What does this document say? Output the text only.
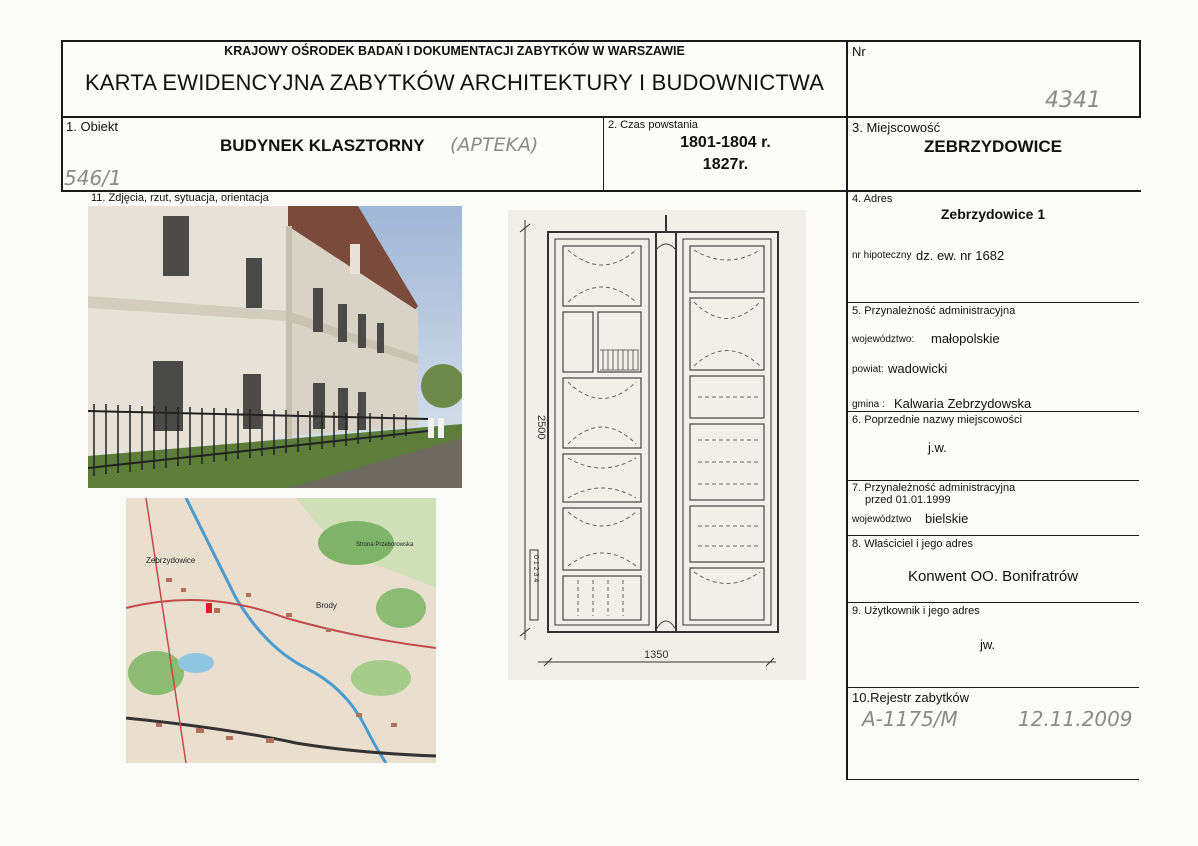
KRAJOWY OŚRODEK BADAŃ I DOKUMENTACJI ZABYTKÓW W WARSZAWIE
KARTA EWIDENCYJNA ZABYTKÓW ARCHITEKTURY I BUDOWNICTWA
Nr
4341
1. Obiekt
BUDYNEK KLASZTORNY (APTEKA)
546/1
2. Czas powstania
1801-1804 r.
1827r.
3. Miejscowość
ZEBRZYDOWICE
11. Zdjęcia, rzut, sytuacja, orientacja
0 1 2 3 4
2500
1350
Zebrzydowice
Brody
Strona Przeborowska
4. Adres
Zebrzydowice 1
nr hipoteczny dz. ew. nr 1682
5. Przynależność administracyjna
województwo: małopolskie
powiat: wadowicki
gmina : Kalwaria Zebrzydowska
6. Poprzednie nazwy miejscowości
j.w.
7. Przynależność administracyjna
przed 01.01.1999
województwo bielskie
8. Właściciel i jego adres
Konwent OO. Bonifratrów
9. Użytkownik i jego adres
jw.
10.Rejestr zabytków
A-1175/M	12.11.2009
